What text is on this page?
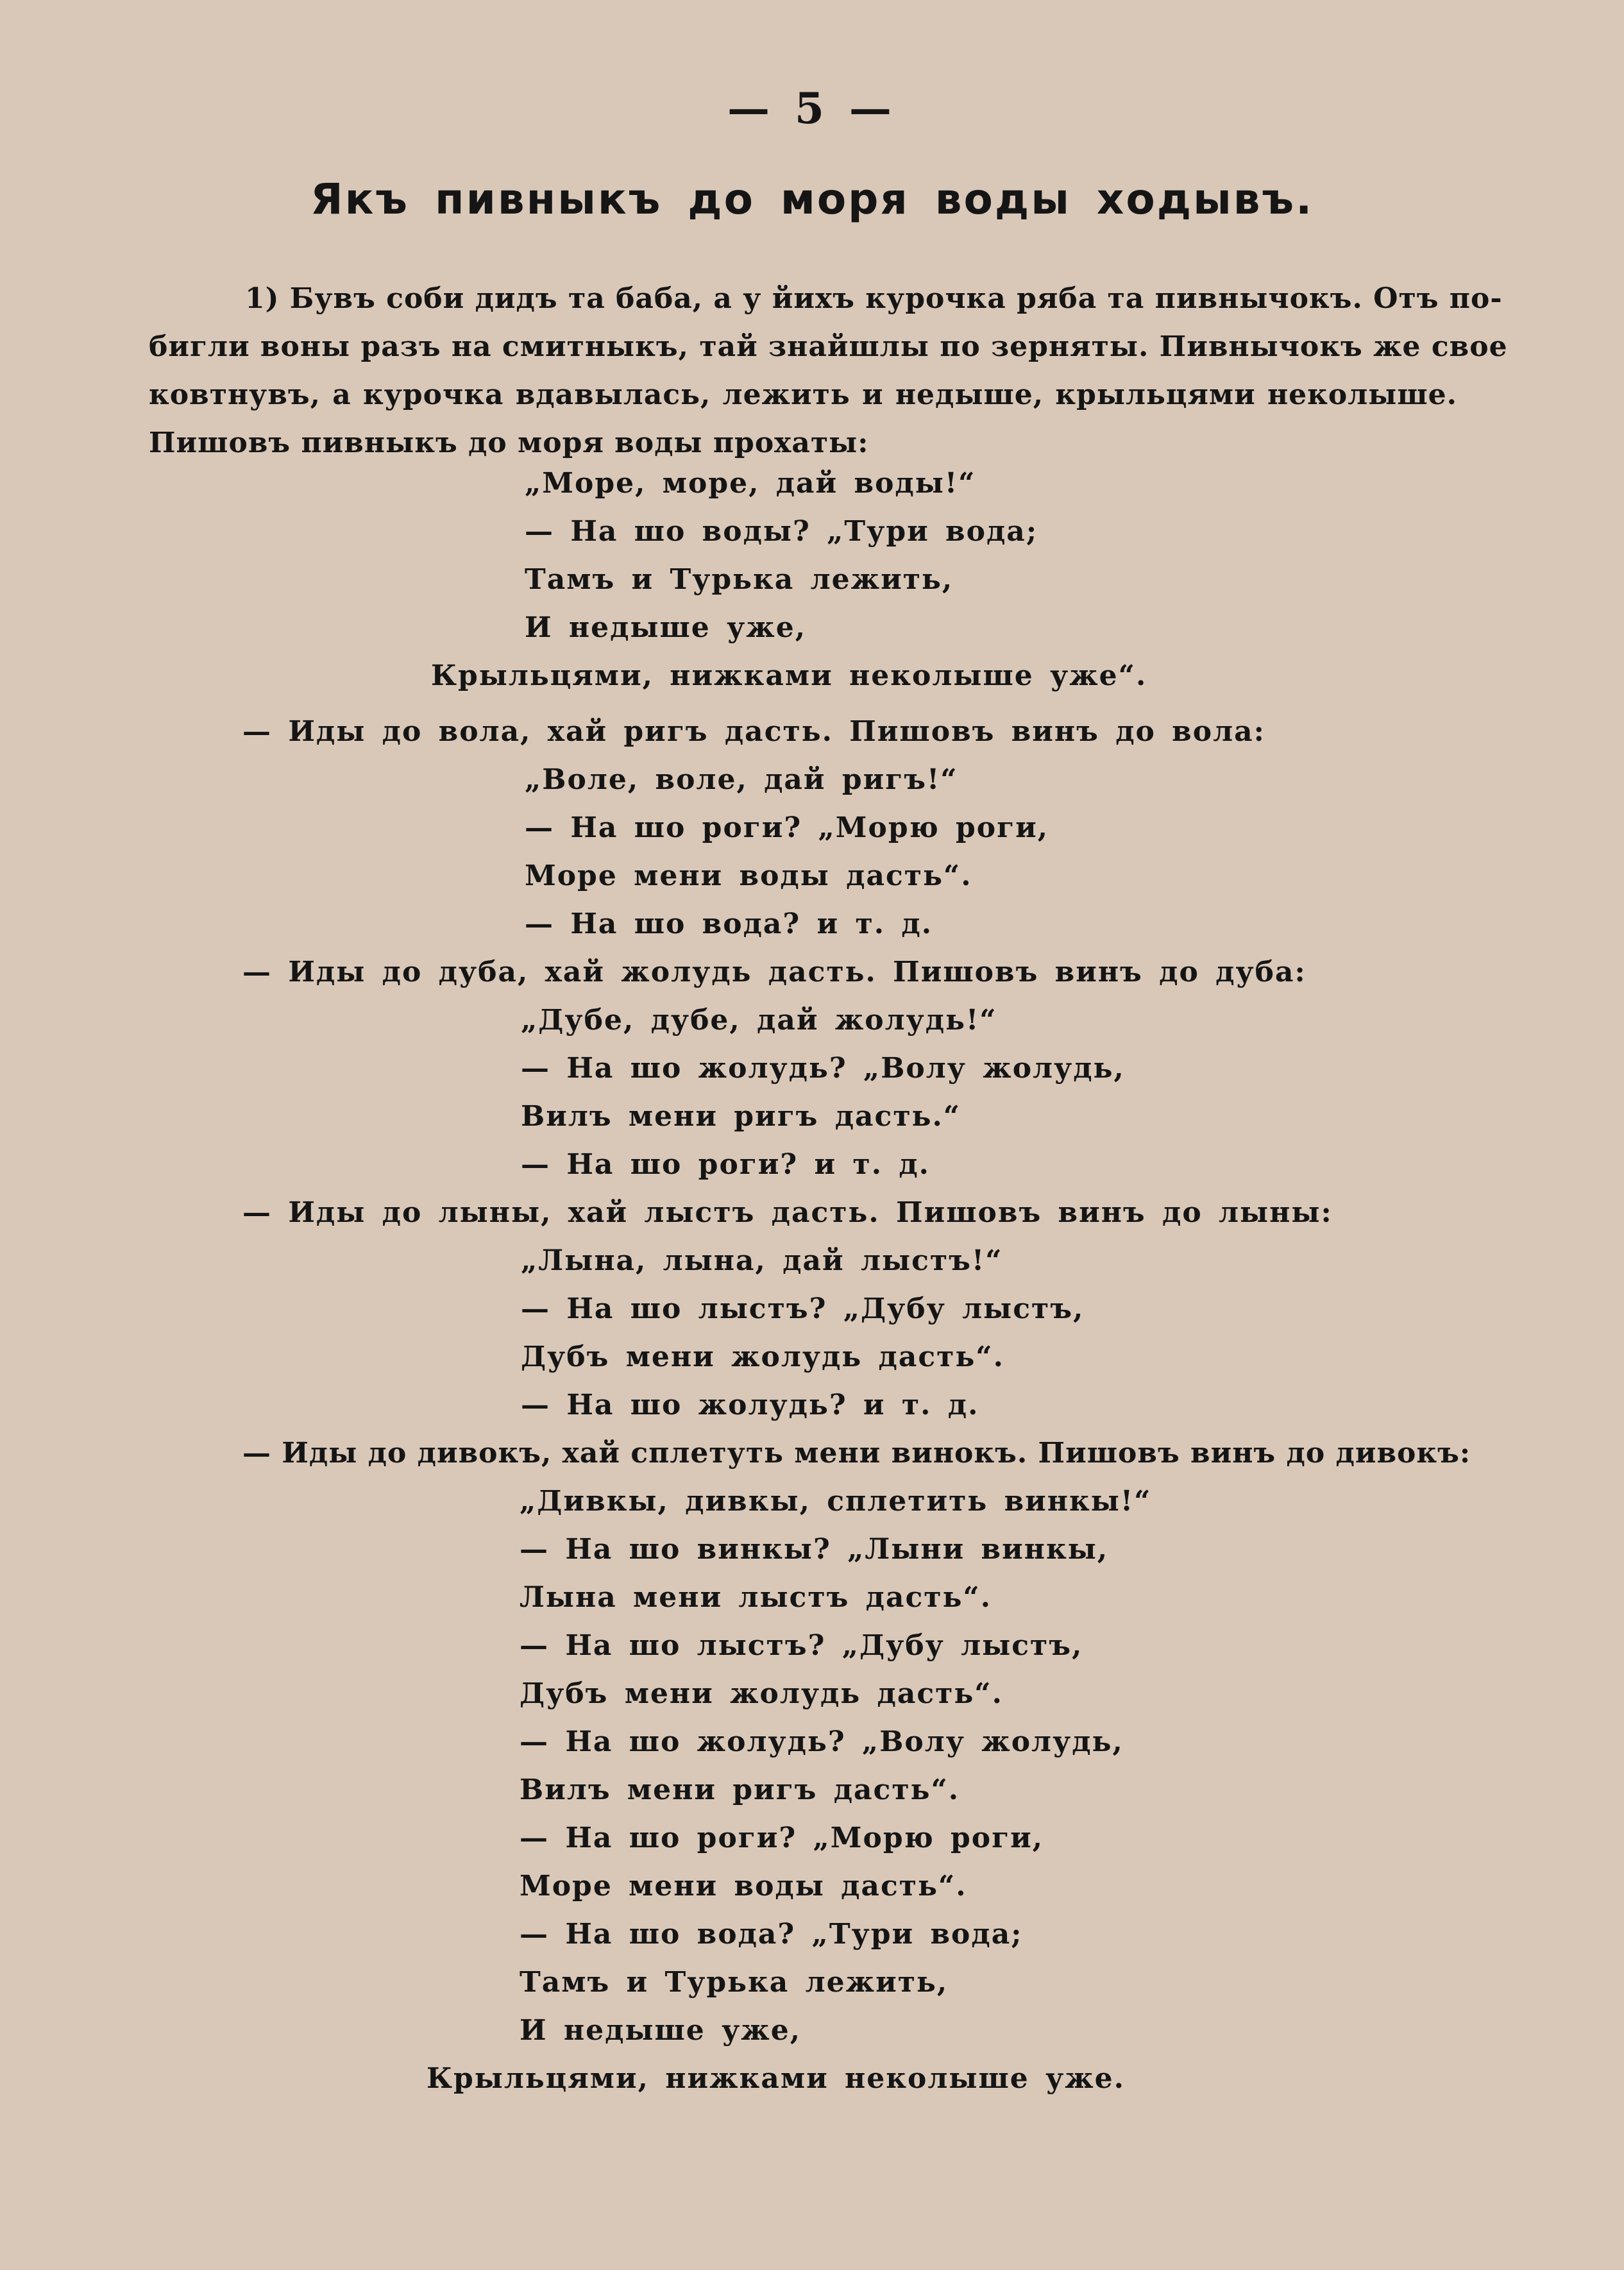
— 5 —
Якъ пивныкъ до моря воды ходывъ.
1) Бувъ соби дидъ та баба, а у йихъ курочка ряба та пивнычокъ. Отъ по-
бигли воны разъ на смитныкъ, тай знайшлы по зерняты. Пивнычокъ же свое
ковтнувъ, а курочка вдавылась, лежить и недыше, крыльцями неколыше.
Пишовъ пивныкъ до моря воды прохаты:
„Море, море, дай воды!“
— На шо воды? „Тури вода;
Тамъ и Турька лежить,
И недыше уже,
Крыльцями, нижками неколыше уже“.
— Иды до вола, хай ригъ дасть. Пишовъ винъ до вола:
„Воле, воле, дай ригъ!“
— На шо роги? „Морю роги,
Море мени воды дасть“.
— На шо вода? и т. д.
— Иды до дуба, хай жолудь дасть. Пишовъ винъ до дуба:
„Дубе, дубе, дай жолудь!“
— На шо жолудь? „Волу жолудь,
Вилъ мени ригъ дасть.“
— На шо роги? и т. д.
— Иды до лыны, хай лыстъ дасть. Пишовъ винъ до лыны:
„Лына, лына, дай лыстъ!“
— На шо лыстъ? „Дубу лыстъ,
Дубъ мени жолудь дасть“.
— На шо жолудь? и т. д.
— Иды до дивокъ, хай сплетуть мени винокъ. Пишовъ винъ до дивокъ:
„Дивкы, дивкы, сплетить винкы!“
— На шо винкы? „Лыни винкы,
Лына мени лыстъ дасть“.
— На шо лыстъ? „Дубу лыстъ,
Дубъ мени жолудь дасть“.
— На шо жолудь? „Волу жолудь,
Вилъ мени ригъ дасть“.
— На шо роги? „Морю роги,
Море мени воды дасть“.
— На шо вода? „Тури вода;
Тамъ и Турька лежить,
И недыше уже,
Крыльцями, нижками неколыше уже.
